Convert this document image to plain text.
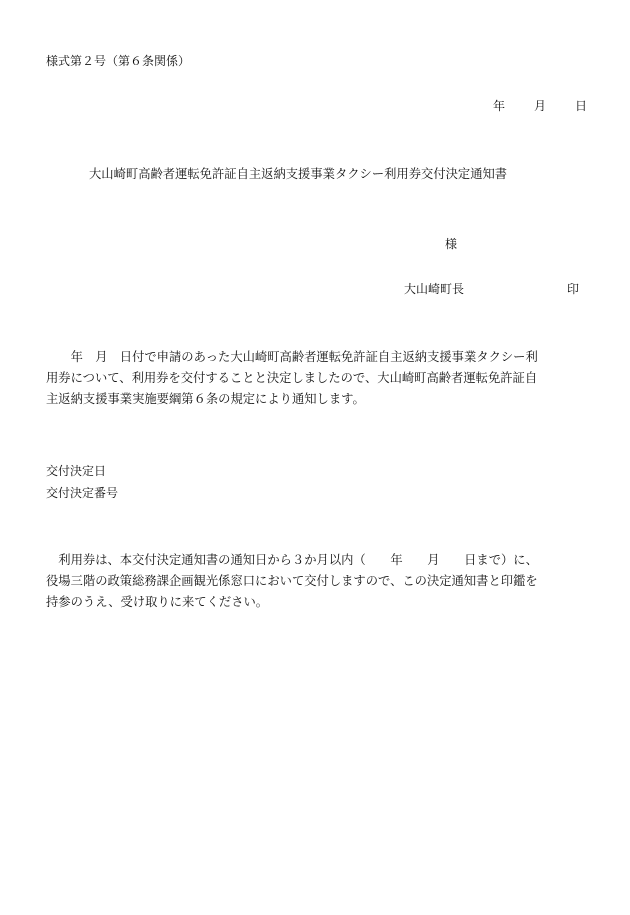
様式第２号（第６条関係）
年 月 日
大山崎町高齢者運転免許証自主返納支援事業タクシー利用券交付決定通知書
様
大山崎町長	印
　　年　月　日付で申請のあった大山崎町高齢者運転免許証自主返納支援事業タクシー利
用券について、利用券を交付することと決定しましたので、大山崎町高齢者運転免許証自
主返納支援事業実施要綱第６条の規定により通知します。
交付決定日
交付決定番号
　利用券は、本交付決定通知書の通知日から３か月以内（　　年　　月　　日まで）に、
役場三階の政策総務課企画観光係窓口において交付しますので、この決定通知書と印鑑を
持参のうえ、受け取りに来てください。
